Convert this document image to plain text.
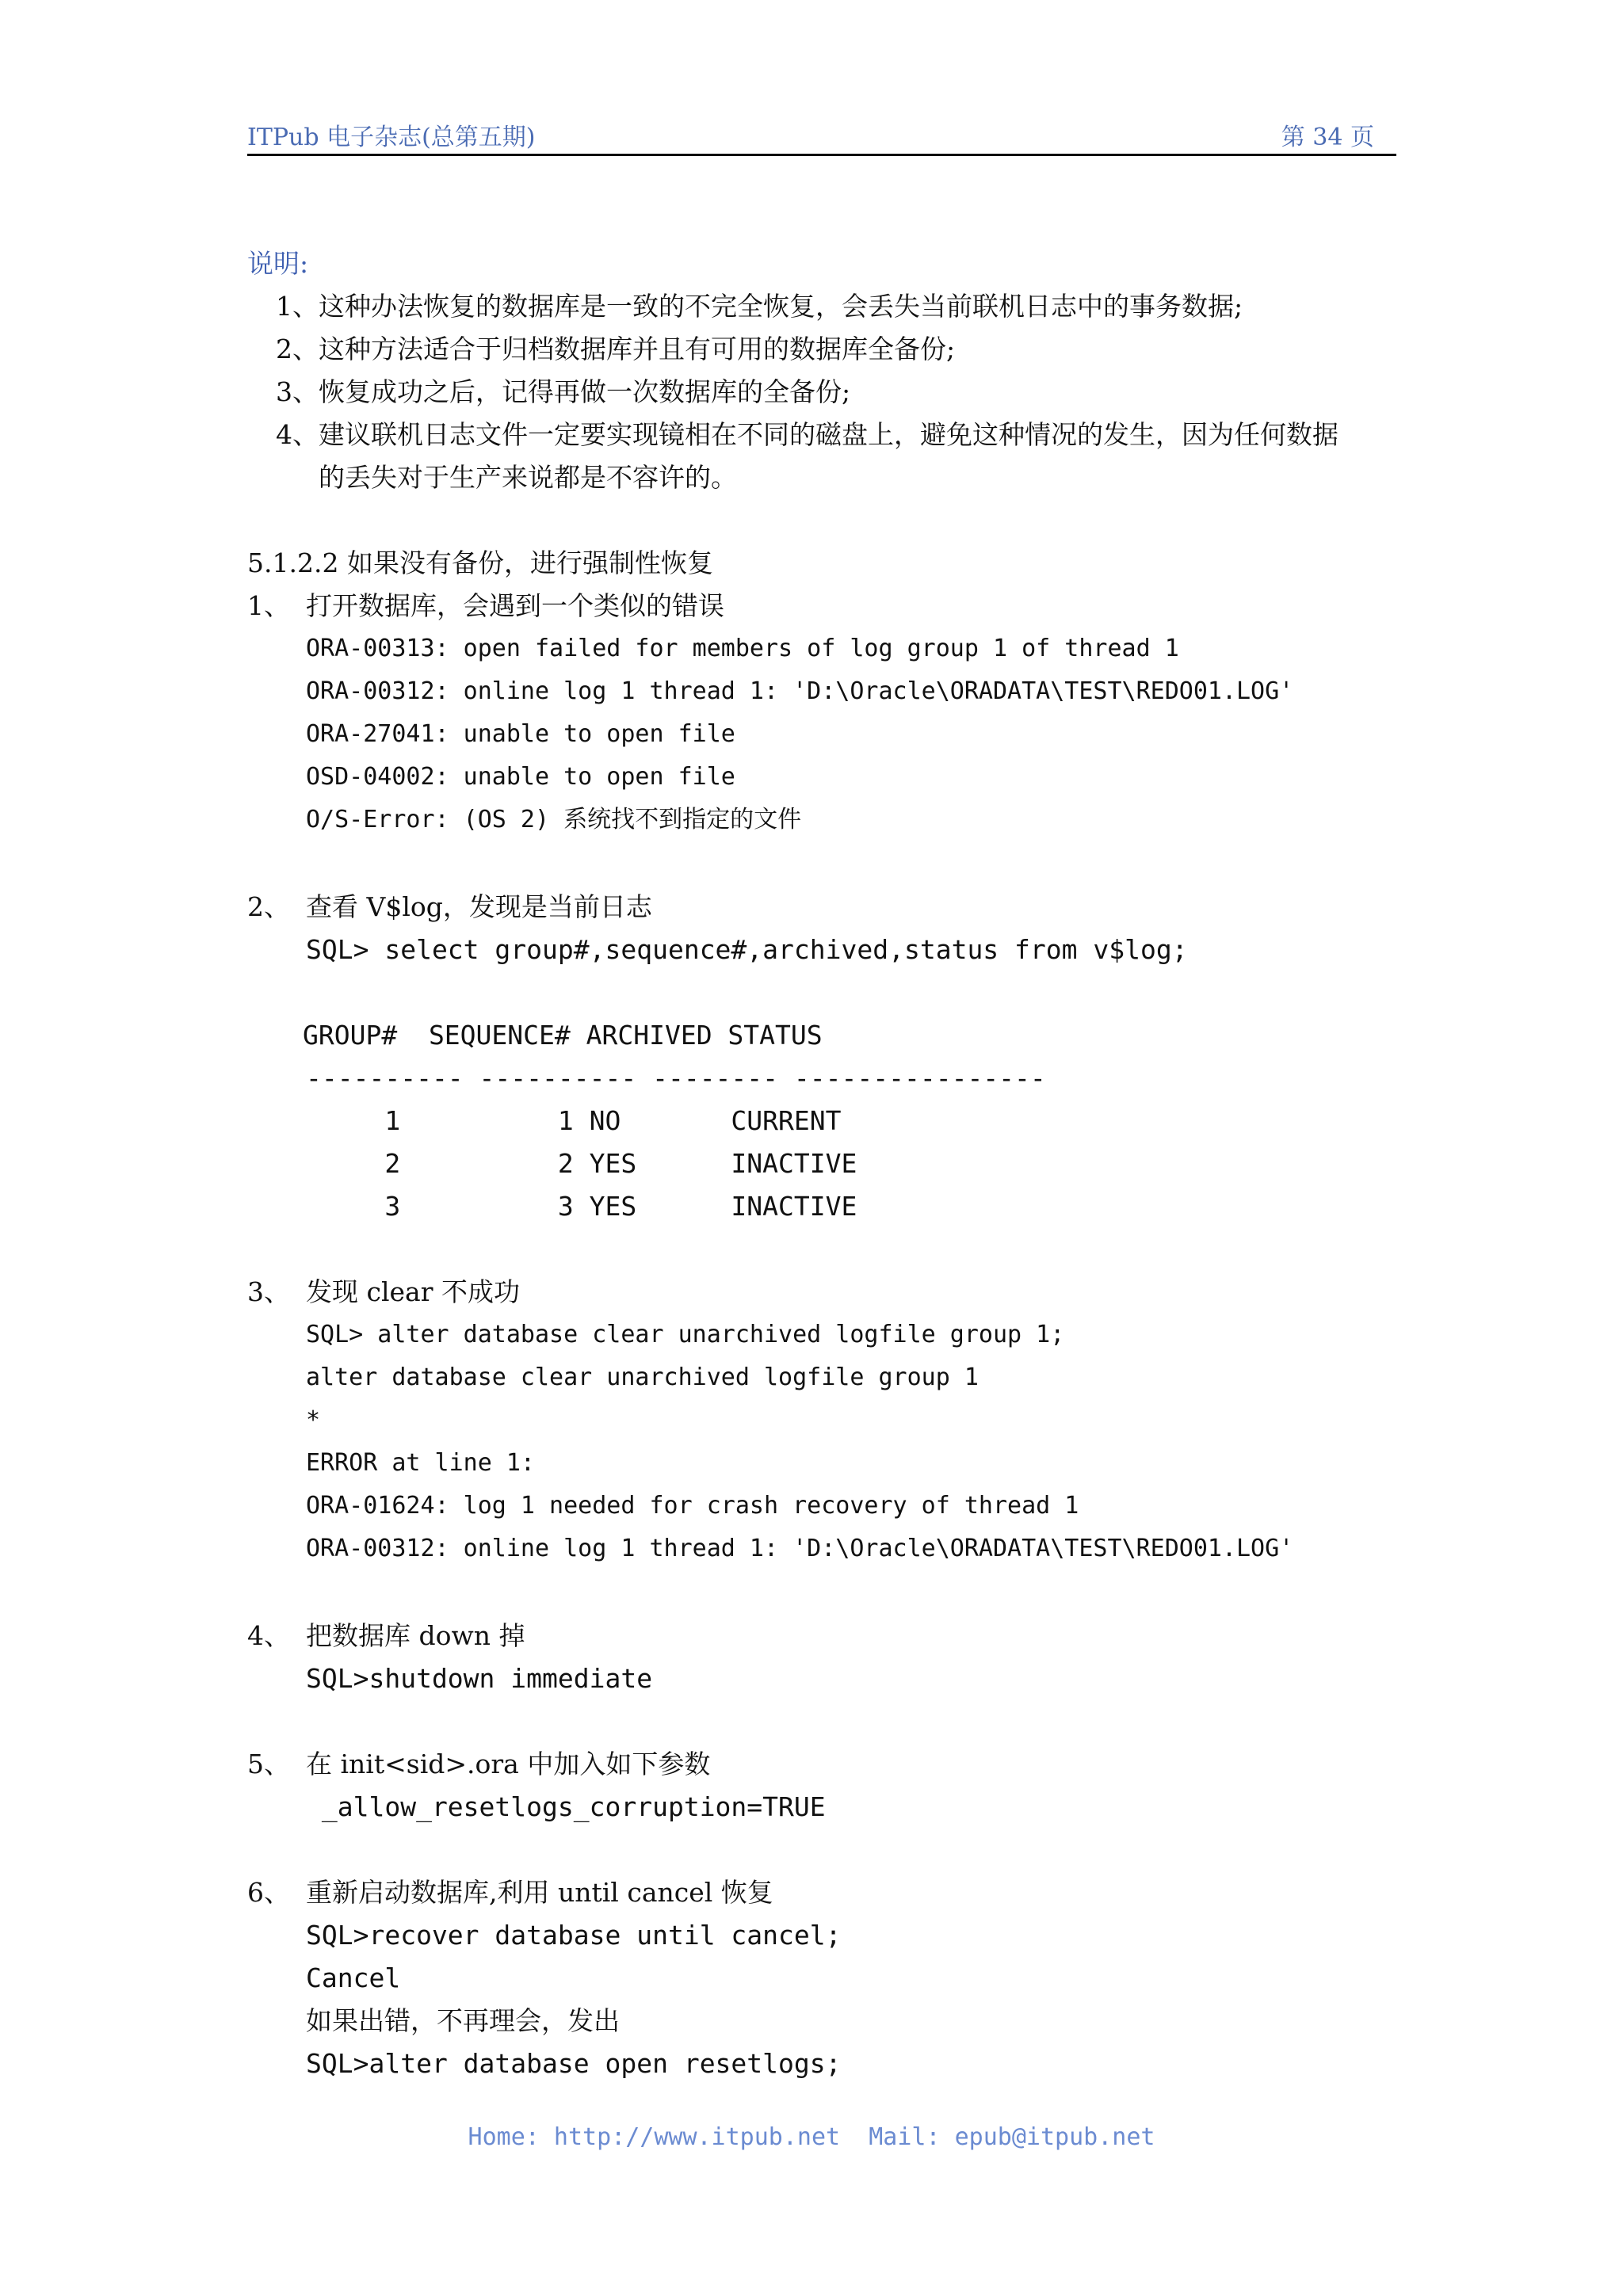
ITPub 电子杂志(总第五期)	第 34 页
说明:
1、这种办法恢复的数据库是一致的不完全恢复，会丢失当前联机日志中的事务数据;
2、这种方法适合于归档数据库并且有可用的数据库全备份;
3、恢复成功之后，记得再做一次数据库的全备份;
4、建议联机日志文件一定要实现镜相在不同的磁盘上，避免这种情况的发生，因为任何数据
的丢失对于生产来说都是不容许的。
5.1.2.2 如果没有备份，进行强制性恢复
1、 打开数据库，会遇到一个类似的错误
ORA-00313: open failed for members of log group 1 of thread 1
ORA-00312: online log 1 thread 1: 'D:\Oracle\ORADATA\TEST\REDO01.LOG'
ORA-27041: unable to open file
OSD-04002: unable to open file
O/S-Error: (OS 2) 系统找不到指定的文件
2、 查看 V$log，发现是当前日志
SQL> select group#,sequence#,archived,status from v$log;
GROUP#  SEQUENCE# ARCHIVED STATUS
---------- ---------- -------- ----------------
1          1 NO       CURRENT
2          2 YES      INACTIVE
3          3 YES      INACTIVE
3、 发现 clear 不成功
SQL> alter database clear unarchived logfile group 1;
alter database clear unarchived logfile group 1
*
ERROR at line 1:
ORA-01624: log 1 needed for crash recovery of thread 1
ORA-00312: online log 1 thread 1: 'D:\Oracle\ORADATA\TEST\REDO01.LOG'
4、 把数据库 down 掉
SQL>shutdown immediate
5、 在 init<sid>.ora 中加入如下参数
_allow_resetlogs_corruption=TRUE
6、 重新启动数据库,利用 until cancel 恢复
SQL>recover database until cancel;
Cancel
如果出错，不再理会，发出
SQL>alter database open resetlogs;
Home: http://www.itpub.net  Mail: epub@itpub.net
